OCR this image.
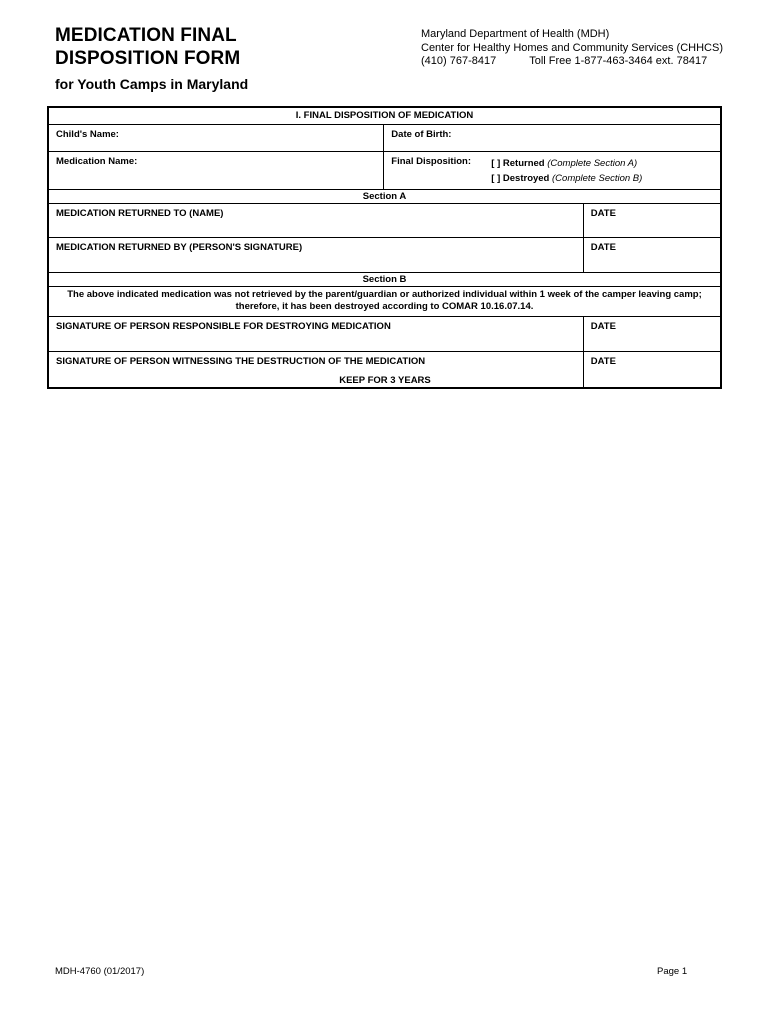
MEDICATION FINAL
DISPOSITION FORM
for Youth Camps in Maryland
Maryland Department of Health (MDH)
Center for Healthy Homes and Community Services (CHHCS)
(410) 767-8417	Toll Free 1-877-463-3464 ext. 78417
I. FINAL DISPOSITION OF MEDICATION		
Child's Name:	Date of Birth:	
Medication Name:	Final Disposition: [ ] Returned (Complete Section A)
[ ] Destroyed (Complete Section B)	

Section A		
MEDICATION RETURNED TO (NAME)		DATE
MEDICATION RETURNED BY (PERSON'S SIGNATURE)		DATE
Section B		
The above indicated medication was not retrieved by the parent/guardian or authorized individual within 1 week of the camper leaving camp; therefore, it has been destroyed according to COMAR 10.16.07.14.		
SIGNATURE OF PERSON RESPONSIBLE FOR DESTROYING MEDICATION		DATE
SIGNATURE OF PERSON WITNESSING THE DESTRUCTION OF THE MEDICATION		DATE
KEEP FOR 3 YEARS
MDH-4760 (01/2017)	Page 1
